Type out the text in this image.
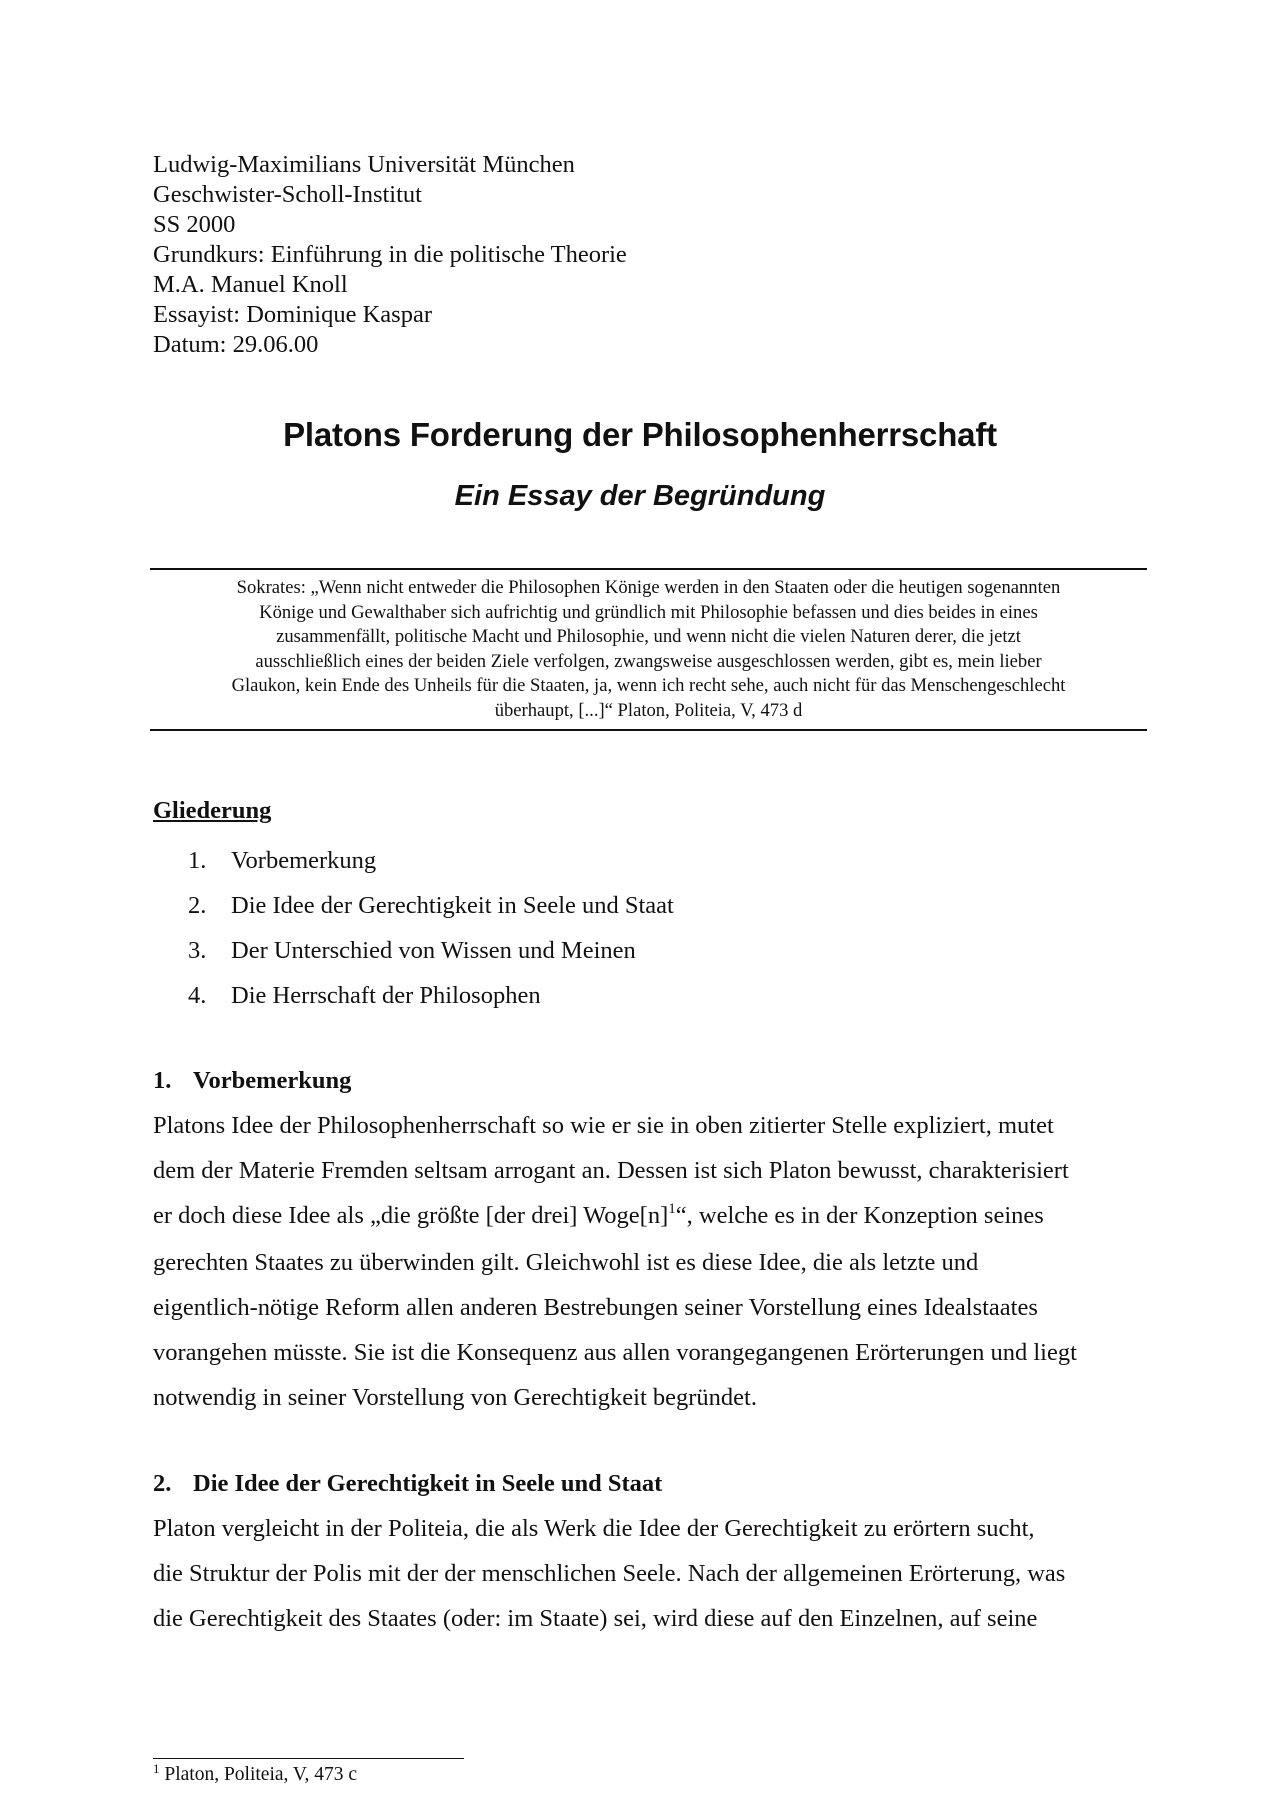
Ludwig-Maximilians Universität München
Geschwister-Scholl-Institut
SS 2000
Grundkurs: Einführung in die politische Theorie
M.A. Manuel Knoll
Essayist: Dominique Kaspar
Datum: 29.06.00
Platons Forderung der Philosophenherrschaft
Ein Essay der Begründung
Sokrates: „Wenn nicht entweder die Philosophen Könige werden in den Staaten oder die heutigen sogenannten
Könige und Gewalthaber sich aufrichtig und gründlich mit Philosophie befassen und dies beides in eines
zusammenfällt, politische Macht und Philosophie, und wenn nicht die vielen Naturen derer, die jetzt
ausschließlich eines der beiden Ziele verfolgen, zwangsweise ausgeschlossen werden, gibt es, mein lieber
Glaukon, kein Ende des Unheils für die Staaten, ja, wenn ich recht sehe, auch nicht für das Menschengeschlecht
überhaupt, [...]“ Platon, Politeia, V, 473 d
Gliederung
1. Vorbemerkung
2. Die Idee der Gerechtigkeit in Seele und Staat
3. Der Unterschied von Wissen und Meinen
4. Die Herrschaft der Philosophen
1. Vorbemerkung
Platons Idee der Philosophenherrschaft so wie er sie in oben zitierter Stelle expliziert, mutet
dem der Materie Fremden seltsam arrogant an. Dessen ist sich Platon bewusst, charakterisiert
er doch diese Idee als „die größte [der drei] $Woge[n]^1“$, welche es in der Konzeption seines
gerechten Staates zu überwinden gilt. Gleichwohl ist es diese Idee, die als letzte und
eigentlich-nötige Reform allen anderen Bestrebungen seiner Vorstellung eines Idealstaates
vorangehen müsste. Sie ist die Konsequenz aus allen vorangegangenen Erörterungen und liegt
notwendig in seiner Vorstellung von Gerechtigkeit begründet.
2. Die Idee der Gerechtigkeit in Seele und Staat
Platon vergleicht in der Politeia, die als Werk die Idee der Gerechtigkeit zu erörtern sucht,
die Struktur der Polis mit der der menschlichen Seele. Nach der allgemeinen Erörterung, was
die Gerechtigkeit des Staates (oder: im Staate) sei, wird diese auf den Einzelnen, auf seine
$^1$ Platon, Politeia, V, 473 c
